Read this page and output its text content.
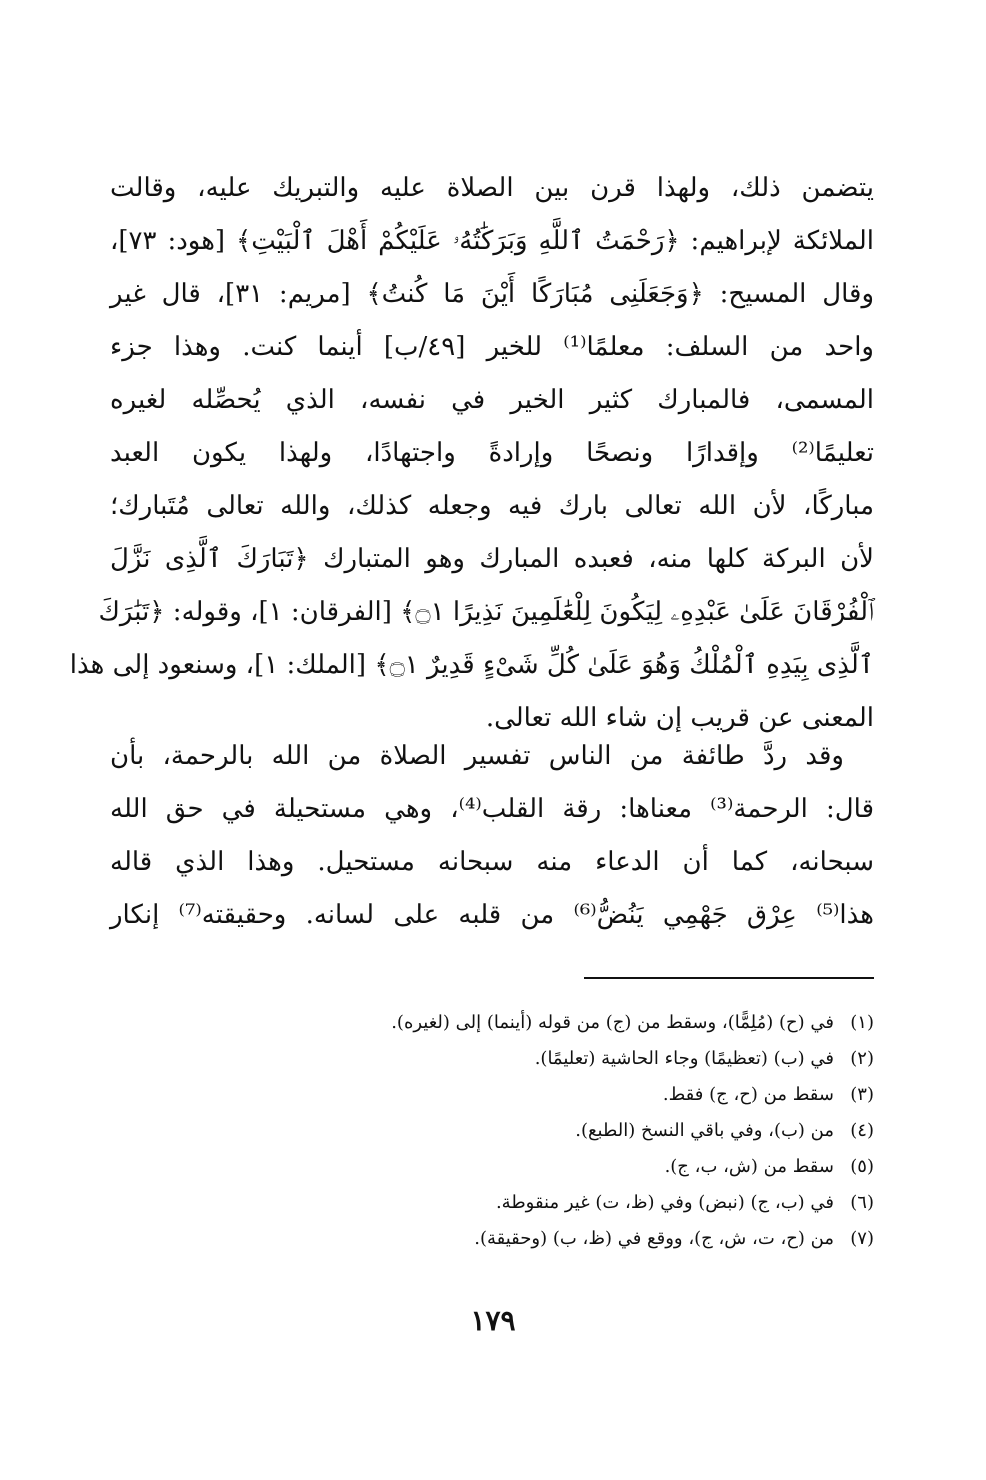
يتضمن ذلك، ولهذا قرن بين الصلاة عليه والتبريك عليه، وقالت
الملائكة لإبراهيم: ﴿رَحْمَتُ ٱللَّهِ وَبَرَكَٰتُهُۥ عَلَيْكُمْ أَهْلَ ٱلْبَيْتِ﴾ [هود: ٧٣]،
وقال المسيح: ﴿وَجَعَلَنِى مُبَارَكًا أَيْنَ مَا كُنتُ﴾ [مريم: ٣١]، قال غير
واحد من السلف: معلمًا⁽¹⁾ للخير [٤٩/ب] أينما كنت. وهذا جزء
المسمى، فالمبارك كثير الخير في نفسه، الذي يُحصِّله لغيره
تعليمًا⁽²⁾ وإقدارًا ونصحًا وإرادةً واجتهادًا، ولهذا يكون العبد
مباركًا، لأن الله تعالى بارك فيه وجعله كذلك، والله تعالى مُتَبارك؛
لأن البركة كلها منه، فعبده المبارك وهو المتبارك ﴿تَبَارَكَ ٱلَّذِى نَزَّلَ
ٱلْفُرْقَانَ عَلَىٰ عَبْدِهِۦ لِيَكُونَ لِلْعَٰلَمِينَ نَذِيرًا ۝١﴾ [الفرقان: ١]، وقوله: ﴿تَبَٰرَكَ
ٱلَّذِى بِيَدِهِ ٱلْمُلْكُ وَهُوَ عَلَىٰ كُلِّ شَىْءٍ قَدِيرٌ ۝١﴾ [الملك: ١]، وسنعود إلى هذا
المعنى عن قريب إن شاء الله تعالى.
وقد ردَّ طائفة من الناس تفسير الصلاة من الله بالرحمة، بأن
قال: الرحمة⁽³⁾ معناها: رقة القلب⁽⁴⁾، وهي مستحيلة في حق الله
سبحانه، كما أن الدعاء منه سبحانه مستحيل. وهذا الذي قاله
هذا⁽⁵⁾ عِرْق جَهْمِي يَنُضُّ⁽⁶⁾ من قلبه على لسانه. وحقيقته⁽⁷⁾ إنكار
(١)
في (ح) (مُلِمًّا)، وسقط من (ج) من قوله (أينما) إلى (لغيره).
(٢)
في (ب) (تعظيمًا) وجاء الحاشية (تعليمًا).
(٣)
سقط من (ح، ج) فقط.
(٤)
من (ب)، وفي باقي النسخ (الطبع).
(٥)
سقط من (ش، ب، ج).
(٦)
في (ب، ج) (نبض) وفي (ظ، ت) غير منقوطة.
(٧)
من (ح، ت، ش، ج)، ووقع في (ظ، ب) (وحقيقة).
١٧٩
